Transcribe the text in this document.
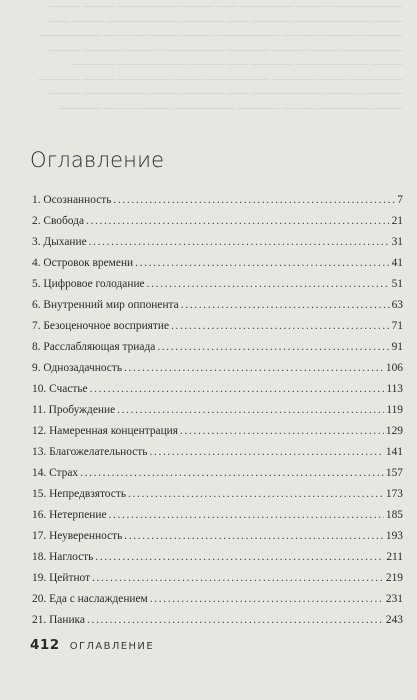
——————— ——— ————— —— ——— —————— ——— ———
——— ——————— ———— —— ———— ——————— ——— ——
———— ——— ———— —————— ——— ——— ———— ——————
—————— ——— ——— ———— —————— ——— ———— ———
——— ——————— ———— —— ——— ——————— ————
————— ——— ———— —————— ——— ————— ——— ————
———— ——— ——————— —— ———— ——— —————— ———
——— ————— ——— ———— —————— ——— ——— ————
Оглавление
1. Осознанность . . .	7
2. Свобода . . .	21
3. Дыхание . . .	31
4. Островок времени . . .	41
5. Цифровое голодание . . .	51
6. Внутренний мир оппонента . . .	63
7. Безоценочное восприятие . . .	71
8. Расслабляющая триада . . .	91
9. Однозадачность . . .	106
10. Счастье . . .	113
11. Пробуждение . . .	119
12. Намеренная концентрация . . .	129
13. Благожелательность . . .	141
14. Страх . . .	157
15. Непредвзятость . . .	173
16. Нетерпение . . .	185
17. Неуверенность . . .	193
18. Наглость . . .	211
19. Цейтнот . . .	219
20. Еда с наслаждением . . .	231
21. Паника . . .	243
412 ОГЛАВЛЕНИЕ
